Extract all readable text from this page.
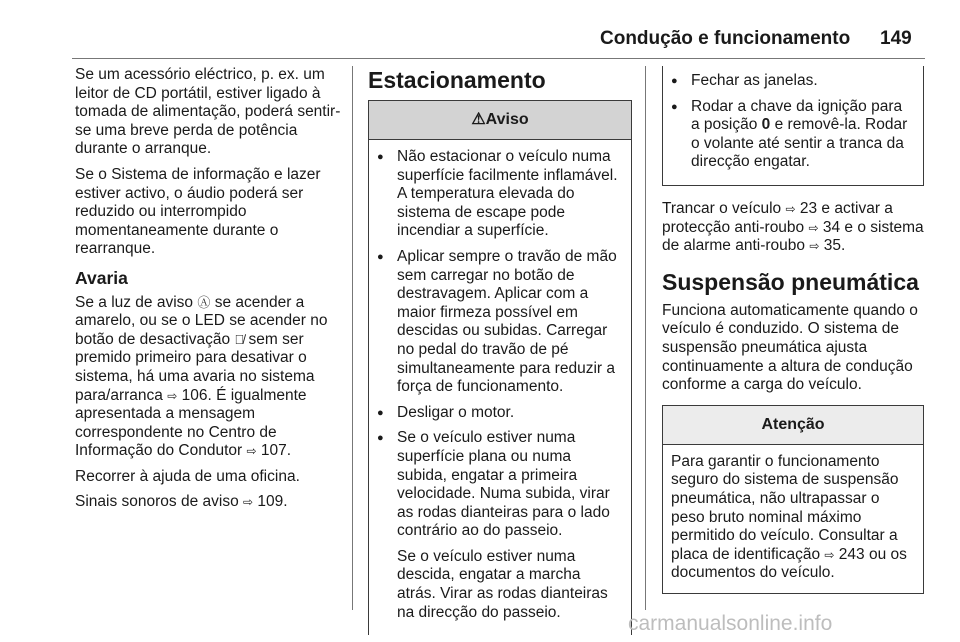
Condução e funcionamento 149

Se um acessório eléctrico, p. ex. um leitor de CD portátil, estiver ligado à tomada de alimentação, poderá sentir-se uma breve perda de potência durante o arranque.

Se o Sistema de informação e lazer estiver activo, o áudio poderá ser reduzido ou interrompido momentaneamente durante o rearranque.

Avaria

Se a luz de aviso Ⓐ se acender a amarelo, ou se o LED se acender no botão de desactivação Ⓐ̸ sem ser premido primeiro para desativar o sistema, há uma avaria no sistema para/arranca ⇨ 106. É igualmente apresentada a mensagem correspondente no Centro de Informação do Condutor ⇨ 107.

Recorrer à ajuda de uma oficina.

Sinais sonoros de aviso ⇨ 109.

Estacionamento
⚠Aviso
● Não estacionar o veículo numa superfície facilmente inflamável. A temperatura elevada do sistema de escape pode incendiar a superfície.
● Aplicar sempre o travão de mão sem carregar no botão de destravagem. Aplicar com a maior firmeza possível em descidas ou subidas. Carregar no pedal do travão de pé simultaneamente para reduzir a força de funcionamento.
● Desligar o motor.
● Se o veículo estiver numa superfície plana ou numa subida, engatar a primeira velocidade. Numa subida, virar as rodas dianteiras para o lado contrário ao do passeio.

Se o veículo estiver numa descida, engatar a marcha atrás. Virar as rodas dianteiras na direcção do passeio.

● Fechar as janelas.
● Rodar a chave da ignição para a posição 0 e removê-la. Rodar o volante até sentir a tranca da direcção engatar.

Trancar o veículo ⇨ 23 e activar a protecção anti-roubo ⇨ 34 e o sistema de alarme anti-roubo ⇨ 35.

Suspensão pneumática

Funciona automaticamente quando o veículo é conduzido. O sistema de suspensão pneumática ajusta continuamente a altura de condução conforme a carga do veículo.

Atenção
Para garantir o funcionamento seguro do sistema de suspensão pneumática, não ultrapassar o peso bruto nominal máximo permitido do veículo. Consultar a placa de identificação ⇨ 243 ou os documentos do veículo.
carmanualsonline.info
